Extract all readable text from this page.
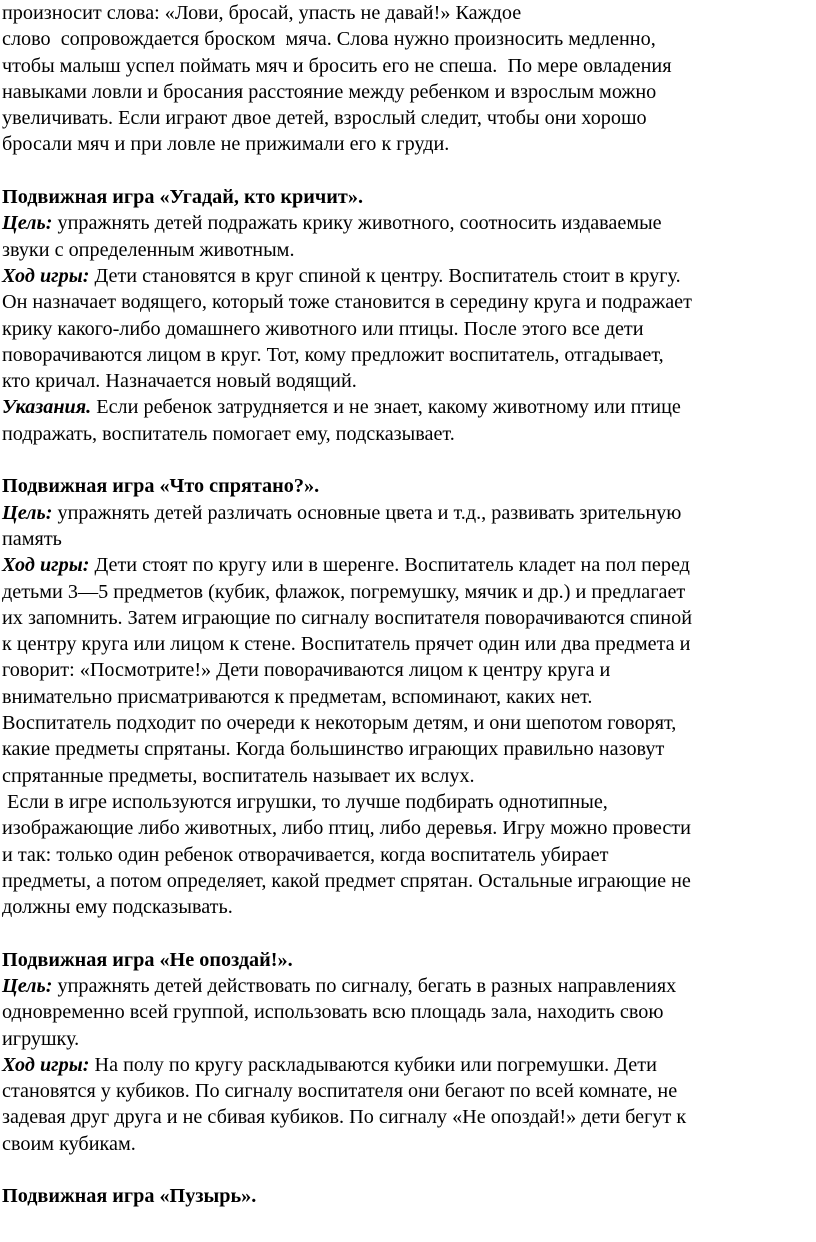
произносит слова: «Лови, бросай, упасть не давай!» Каждое
слово  сопровождается броском  мяча. Слова нужно произносить медленно,
чтобы малыш успел поймать мяч и бросить его не спеша.  По мере овладения
навыками ловли и бросания расстояние между ребенком и взрослым можно
увеличивать. Если играют двое детей, взрослый следит, чтобы они хорошо
бросали мяч и при ловле не прижимали его к груди.
Подвижная игра «Угадай, кто кричит».
Цель: упражнять детей подражать крику животного, соотносить издаваемые
звуки с определенным животным.
Ход игры: Дети становятся в круг спиной к центру. Воспитатель стоит в кругу.
Он назначает водящего, который тоже становится в середину круга и подражает
крику какого-либо домашнего животного или птицы. После этого все дети
поворачиваются лицом в круг. Тот, кому предложит воспитатель, отгадывает,
кто кричал. Назначается новый водящий.
Указания. Если ребенок затрудняется и не знает, какому животному или птице
подражать, воспитатель помогает ему, подсказывает.
Подвижная игра «Что спрятано?».
Цель: упражнять детей различать основные цвета и т.д., развивать зрительную
память
Ход игры: Дети стоят по кругу или в шеренге. Воспитатель кладет на пол перед
детьми 3—5 предметов (кубик, флажок, погремушку, мячик и др.) и предлагает
их запомнить. Затем играющие по сигналу воспитателя поворачиваются спиной
к центру круга или лицом к стене. Воспитатель прячет один или два предмета и
говорит: «Посмотрите!» Дети поворачиваются лицом к центру круга и
внимательно присматриваются к предметам, вспоминают, каких нет.
Воспитатель подходит по очереди к некоторым детям, и они шепотом говорят,
какие предметы спрятаны. Когда большинство играющих правильно назовут
спрятанные предметы, воспитатель называет их вслух.
Если в игре используются игрушки, то лучше подбирать однотипные,
изображающие либо животных, либо птиц, либо деревья. Игру можно провести
и так: только один ребенок отворачивается, когда воспитатель убирает
предметы, а потом определяет, какой предмет спрятан. Остальные играющие не
должны ему подсказывать.
Подвижная игра «Не опоздай!».
Цель: упражнять детей действовать по сигналу, бегать в разных направлениях
одновременно всей группой, использовать всю площадь зала, находить свою
игрушку.
Ход игры: На полу по кругу раскладываются кубики или погремушки. Дети
становятся у кубиков. По сигналу воспитателя они бегают по всей комнате, не
задевая друг друга и не сбивая кубиков. По сигналу «Не опоздай!» дети бегут к
своим кубикам.
Подвижная игра «Пузырь».
